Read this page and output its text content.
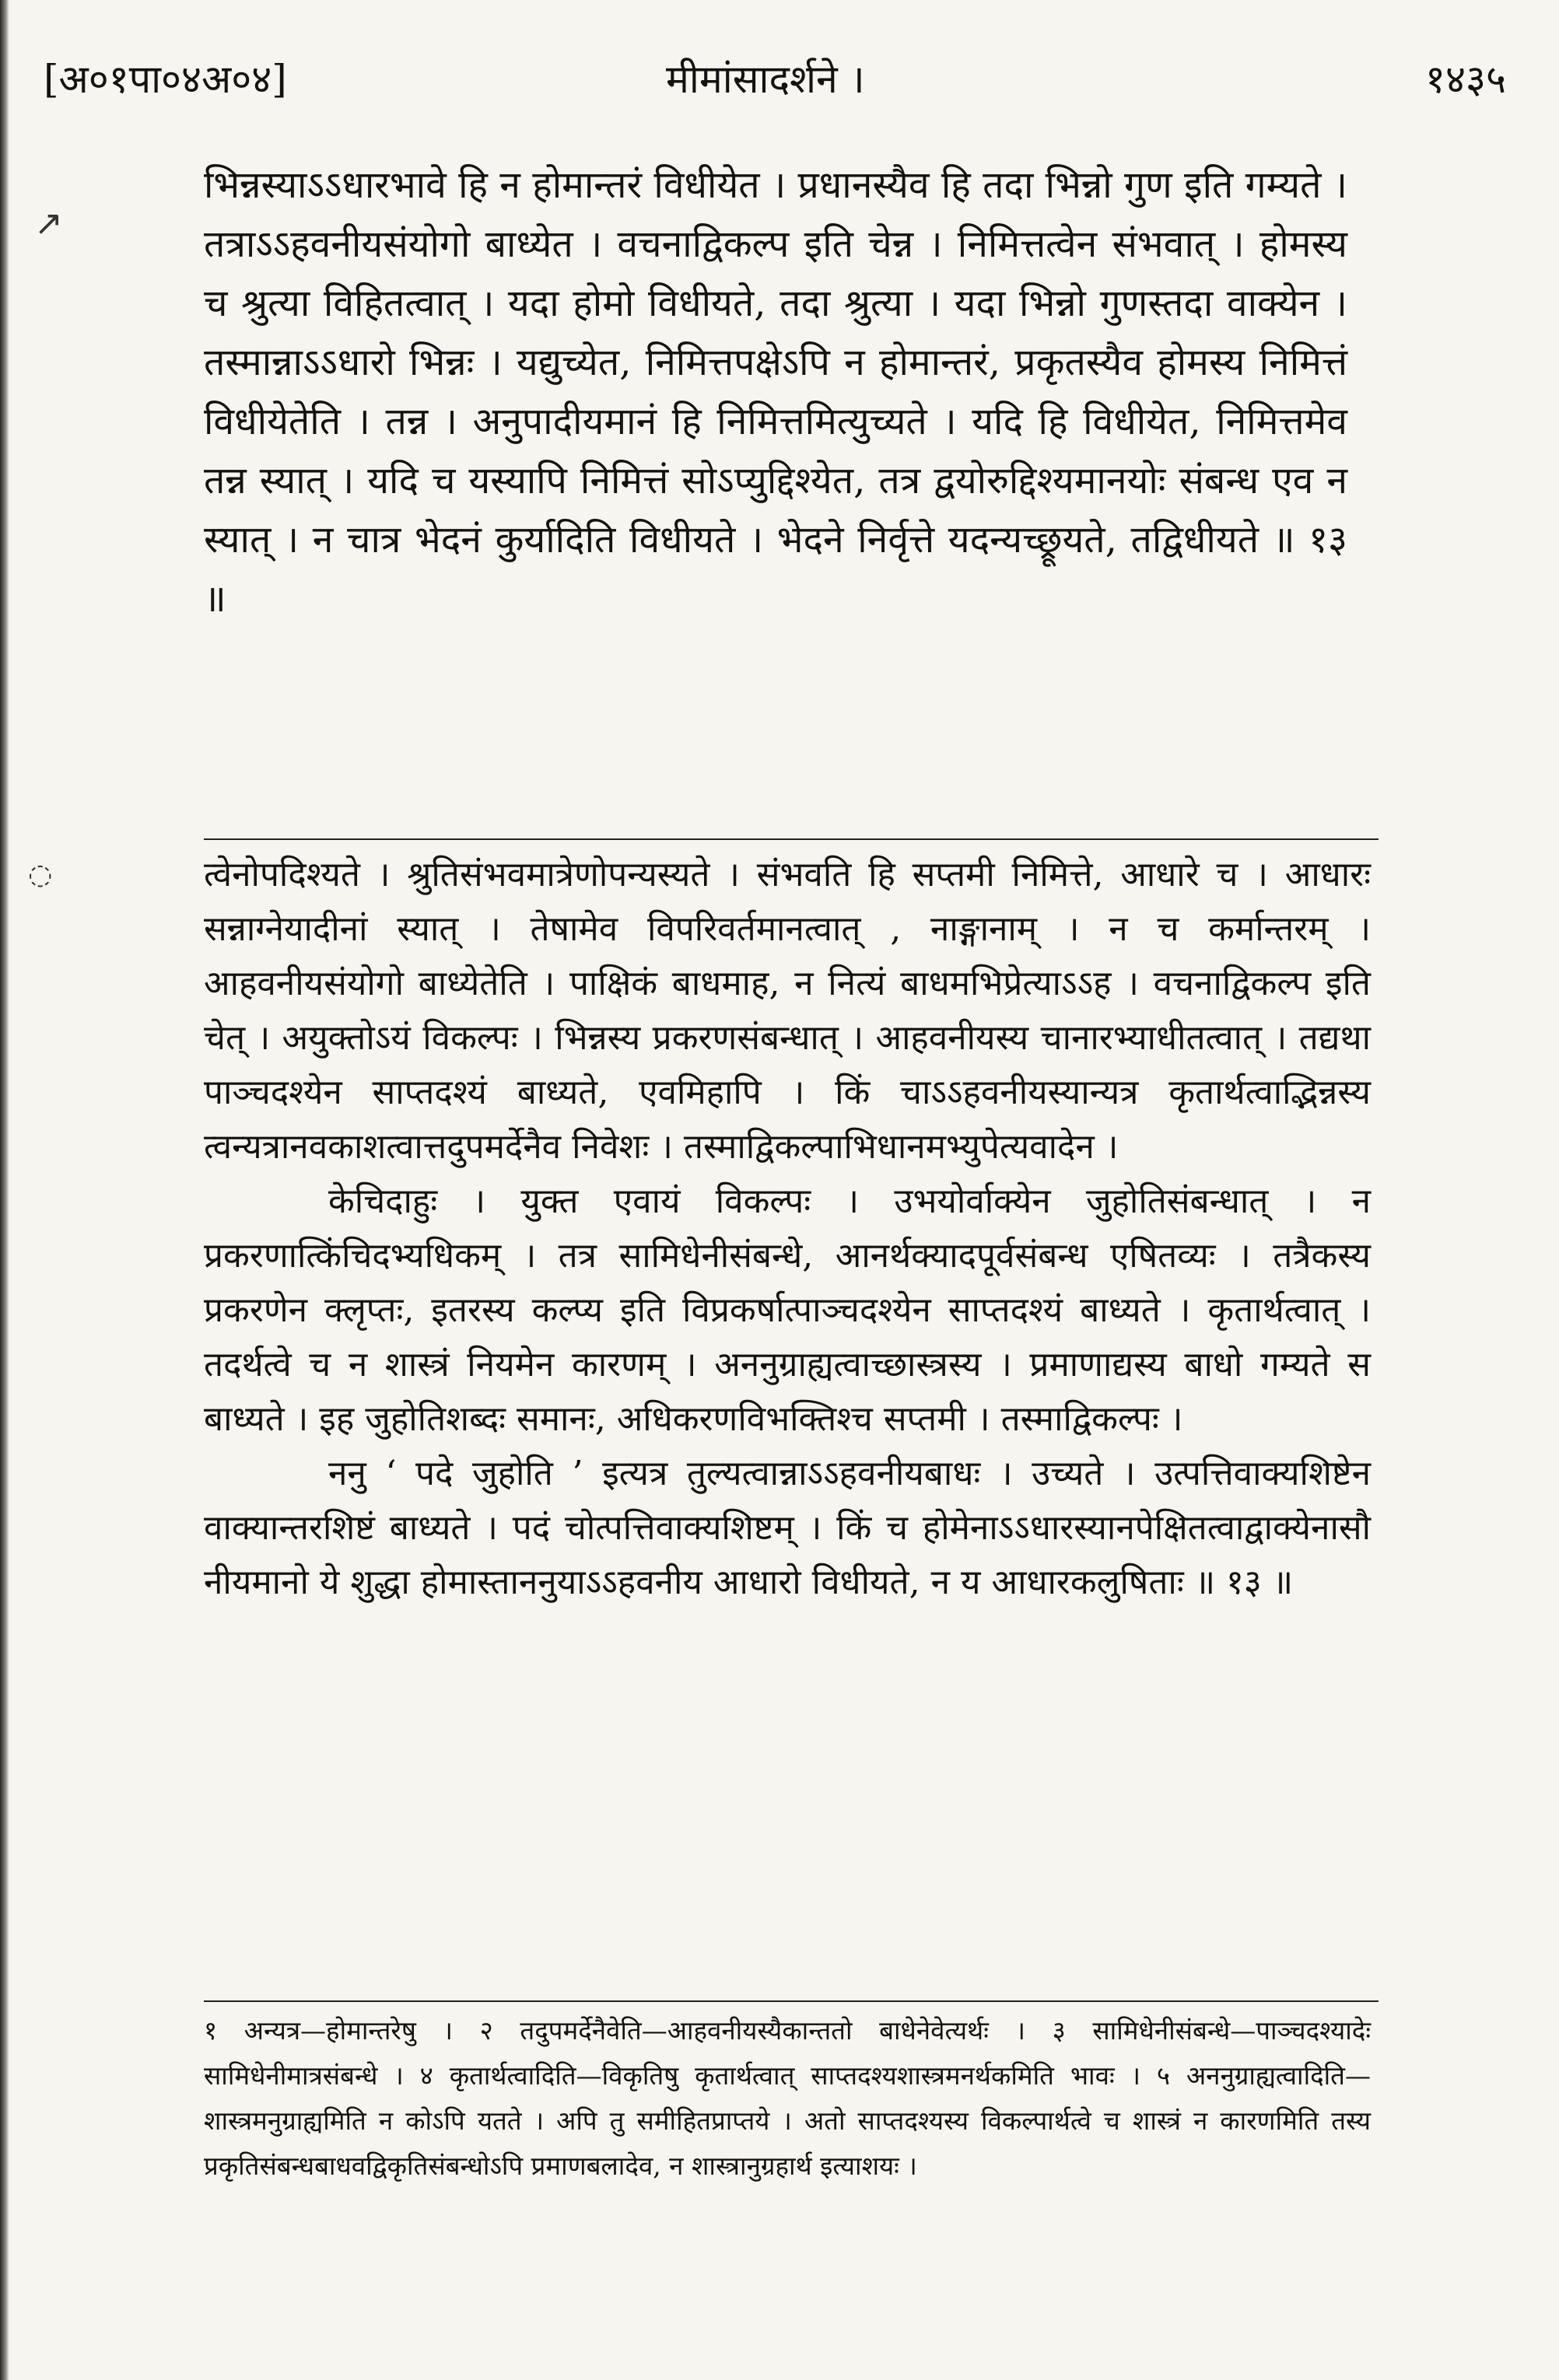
↗
◌
[अ०१पा०४अ०४]	मीमांसादर्शने ।	१४३५

भिन्नस्याऽऽधारभावे हि न होमान्तरं विधीयेत । प्रधानस्यैव हि तदा भिन्नो गुण इति गम्यते । तत्राऽऽहवनीयसंयोगो बाध्येत । वचनाद्विकल्प इति चेन्न । निमित्तत्वेन संभवात् । होमस्य च श्रुत्या विहितत्वात् । यदा होमो विधीयते, तदा श्रुत्या । यदा भिन्नो गुणस्तदा वाक्येन । तस्मान्नाऽऽधारो भिन्नः । यद्युच्येत, निमित्तपक्षेऽपि न होमान्तरं, प्रकृतस्यैव होमस्य निमित्तं विधीयेतेति । तन्न । अनुपादीयमानं हि निमित्तमित्युच्यते । यदि हि विधीयेत, निमित्तमेव तन्न स्यात् । यदि च यस्यापि निमित्तं सोऽप्युद्दिश्येत, तत्र द्वयोरुद्दिश्यमानयोः संबन्ध एव न स्यात् । न चात्र भेदनं कुर्यादिति विधीयते । भेदने निर्वृत्ते यदन्यच्छ्रूयते, तद्विधीयते ॥ १३ ॥

त्वेनोपदिश्यते । श्रुतिसंभवमात्रेणोपन्यस्यते । संभवति हि सप्तमी निमित्ते, आधारे च । आधारः सन्नाग्नेयादीनां स्यात् । तेषामेव विपरिवर्तमानत्वात् , नाङ्गानाम् । न च कर्मान्तरम् । आहवनीयसंयोगो बाध्येतेति । पाक्षिकं बाधमाह, न नित्यं बाधमभिप्रेत्याऽऽह । वचनाद्विकल्प इति चेत् । अयुक्तोऽयं विकल्पः । भिन्नस्य प्रकरणसंबन्धात् । आहवनीयस्य चानारभ्याधीतत्वात् । तद्यथा पाञ्चदश्येन साप्तदश्यं बाध्यते, एवमिहापि । किं चाऽऽहवनीयस्यान्यत्र कृतार्थत्वाद्भिन्नस्य त्वन्यत्रानवकाशत्वात्तदुपमर्देनैव निवेशः । तस्माद्विकल्पाभिधानमभ्युपेत्यवादेन ।

केचिदाहुः । युक्त एवायं विकल्पः । उभयोर्वाक्येन जुहोतिसंबन्धात् । न प्रकरणात्किंचिदभ्यधिकम् । तत्र सामिधेनीसंबन्धे, आनर्थक्यादपूर्वसंबन्ध एषितव्यः । तत्रैकस्य प्रकरणेन क्लृप्तः, इतरस्य कल्प्य इति विप्रकर्षात्पाञ्चदश्येन साप्तदश्यं बाध्यते । कृतार्थत्वात् । तदर्थत्वे च न शास्त्रं नियमेन कारणम् । अननुग्राह्यत्वाच्छास्त्रस्य । प्रमाणाद्यस्य बाधो गम्यते स बाध्यते । इह जुहोतिशब्दः समानः, अधिकरणविभक्तिश्च सप्तमी । तस्माद्विकल्पः ।

ननु ‘ पदे जुहोति ’ इत्यत्र तुल्यत्वान्नाऽऽहवनीयबाधः । उच्यते । उत्पत्तिवाक्यशिष्टेन वाक्यान्तरशिष्टं बाध्यते । पदं चोत्पत्तिवाक्यशिष्टम् । किं च होमेनाऽऽधारस्यानपेक्षितत्वाद्वाक्येनासौ नीयमानो ये शुद्धा होमास्ताननुयाऽऽहवनीय आधारो विधीयते, न य आधारकलुषिताः ॥ १३ ॥

१ अन्यत्र—होमान्तरेषु । २ तदुपमर्देनैवेति—आहवनीयस्यैकान्ततो बाधेनेवेत्यर्थः । ३ सामिधेनीसंबन्धे—पाञ्चदश्यादेः सामिधेनीमात्रसंबन्धे । ४ कृतार्थत्वादिति—विकृतिषु कृतार्थत्वात् साप्तदश्यशास्त्रमनर्थकमिति भावः । ५ अननुग्राह्यत्वादिति—शास्त्रमनुग्राह्यमिति न कोऽपि यतते । अपि तु समीहितप्राप्तये । अतो साप्तदश्यस्य विकल्पार्थत्वे च शास्त्रं न कारणमिति तस्य प्रकृतिसंबन्धबाधवद्विकृतिसंबन्धोऽपि प्रमाणबलादेव, न शास्त्रानुग्रहार्थ इत्याशयः ।
